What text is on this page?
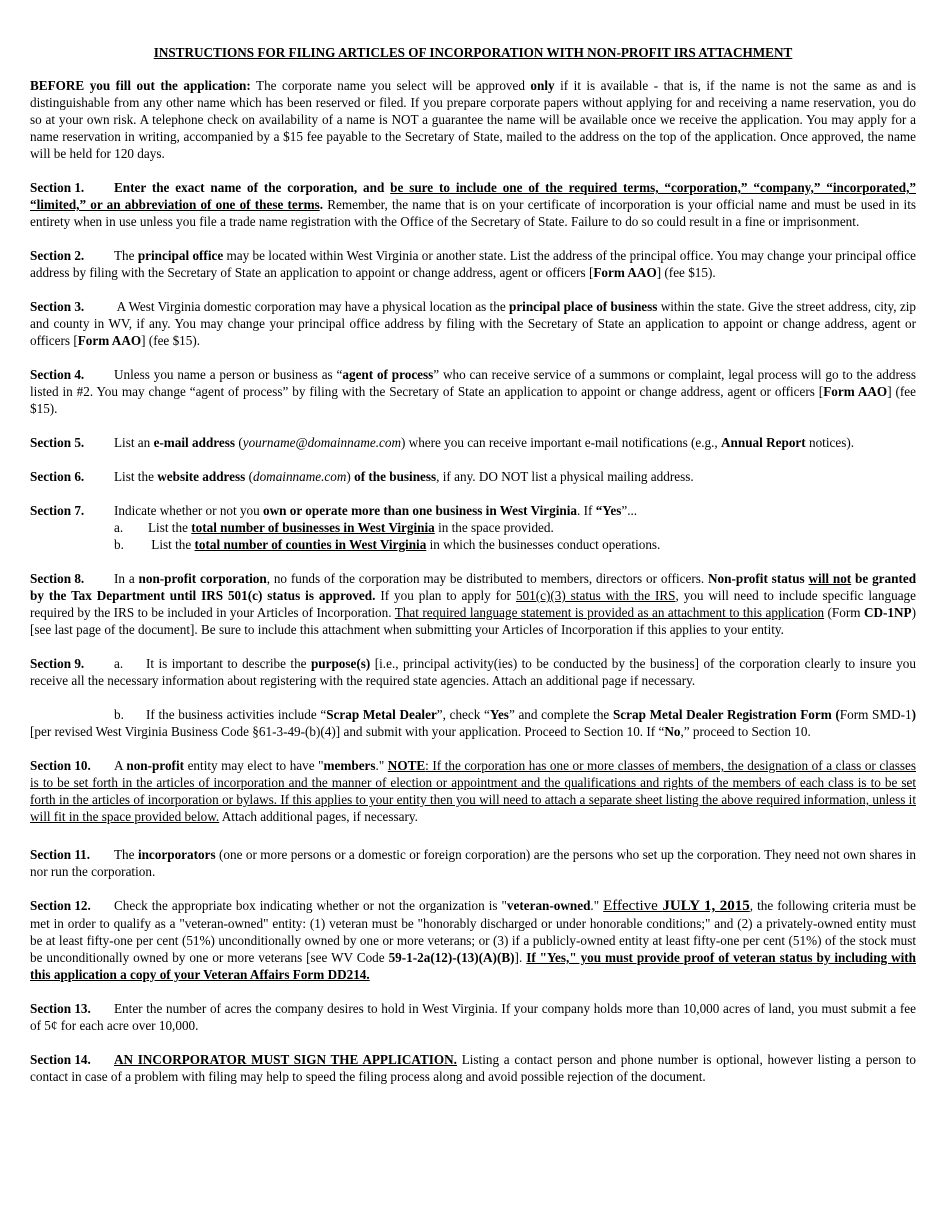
INSTRUCTIONS FOR FILING ARTICLES OF INCORPORATION WITH NON-PROFIT IRS ATTACHMENT

BEFORE you fill out the application: The corporate name you select will be approved only if it is available - that is, if the name is not the same as and is distinguishable from any other name which has been reserved or filed. If you prepare corporate papers without applying for and receiving a name reservation, you do so at your own risk. A telephone check on availability of a name is NOT a guarantee the name will be available once we receive the application. You may apply for a name reservation in writing, accompanied by a $15 fee payable to the Secretary of State, mailed to the address on the top of the application. Once approved, the name will be held for 120 days.

Section 1. Enter the exact name of the corporation, and be sure to include one of the required terms, “corporation,” “company,” “incorporated,” “limited,” or an abbreviation of one of these terms. Remember, the name that is on your certificate of incorporation is your official name and must be used in its entirety when in use unless you file a trade name registration with the Office of the Secretary of State. Failure to do so could result in a fine or imprisonment.

Section 2. The principal office may be located within West Virginia or another state. List the address of the principal office. You may change your principal office address by filing with the Secretary of State an application to appoint or change address, agent or officers [Form AAO] (fee $15).

Section 3. A West Virginia domestic corporation may have a physical location as the principal place of business within the state. Give the street address, city, zip and county in WV, if any. You may change your principal office address by filing with the Secretary of State an application to appoint or change address, agent or officers [Form AAO] (fee $15).

Section 4. Unless you name a person or business as “agent of process” who can receive service of a summons or complaint, legal process will go to the address listed in #2. You may change “agent of process” by filing with the Secretary of State an application to appoint or change address, agent or officers [Form AAO] (fee $15).

Section 5. List an e-mail address (yourname@domainname.com) where you can receive important e-mail notifications (e.g., Annual Report notices).

Section 6. List the website address (domainname.com) of the business, if any. DO NOT list a physical mailing address.

Section 7. Indicate whether or not you own or operate more than one business in West Virginia. If “Yes”...

a. List the total number of businesses in West Virginia in the space provided.

b. List the total number of counties in West Virginia in which the businesses conduct operations.

Section 8. In a non-profit corporation, no funds of the corporation may be distributed to members, directors or officers. Non-profit status will not be granted by the Tax Department until IRS 501(c) status is approved. If you plan to apply for 501(c)(3) status with the IRS, you will need to include specific language required by the IRS to be included in your Articles of Incorporation. That required language statement is provided as an attachment to this application (Form CD-1NP) [see last page of the document]. Be sure to include this attachment when submitting your Articles of Incorporation if this applies to your entity.

Section 9. a. It is important to describe the purpose(s) [i.e., principal activity(ies) to be conducted by the business] of the corporation clearly to insure you receive all the necessary information about registering with the required state agencies. Attach an additional page if necessary.

b. If the business activities include “Scrap Metal Dealer”, check “Yes” and complete the Scrap Metal Dealer Registration Form (Form SMD-1) [per revised West Virginia Business Code §61-3-49-(b)(4)] and submit with your application. Proceed to Section 10. If “No,” proceed to Section 10.

Section 10. A non-profit entity may elect to have "members." NOTE: If the corporation has one or more classes of members, the designation of a class or classes is to be set forth in the articles of incorporation and the manner of election or appointment and the qualifications and rights of the members of each class is to be set forth in the articles of incorporation or bylaws. If this applies to your entity then you will need to attach a separate sheet listing the above required information, unless it will fit in the space provided below. Attach additional pages, if necessary.

Section 11. The incorporators (one or more persons or a domestic or foreign corporation) are the persons who set up the corporation. They need not own shares in nor run the corporation.

Section 12. Check the appropriate box indicating whether or not the organization is "veteran-owned." Effective JULY 1, 2015, the following criteria must be met in order to qualify as a "veteran-owned" entity: (1) veteran must be "honorably discharged or under honorable conditions;" and (2) a privately-owned entity must be at least fifty-one per cent (51%) unconditionally owned by one or more veterans; or (3) if a publicly-owned entity at least fifty-one per cent (51%) of the stock must be unconditionally owned by one or more veterans [see WV Code 59-1-2a(12)-(13)(A)(B)]. If "Yes," you must provide proof of veteran status by including with this application a copy of your Veteran Affairs Form DD214.

Section 13. Enter the number of acres the company desires to hold in West Virginia. If your company holds more than 10,000 acres of land, you must submit a fee of 5¢ for each acre over 10,000.

Section 14. AN INCORPORATOR MUST SIGN THE APPLICATION. Listing a contact person and phone number is optional, however listing a person to contact in case of a problem with filing may help to speed the filing process along and avoid possible rejection of the document.
